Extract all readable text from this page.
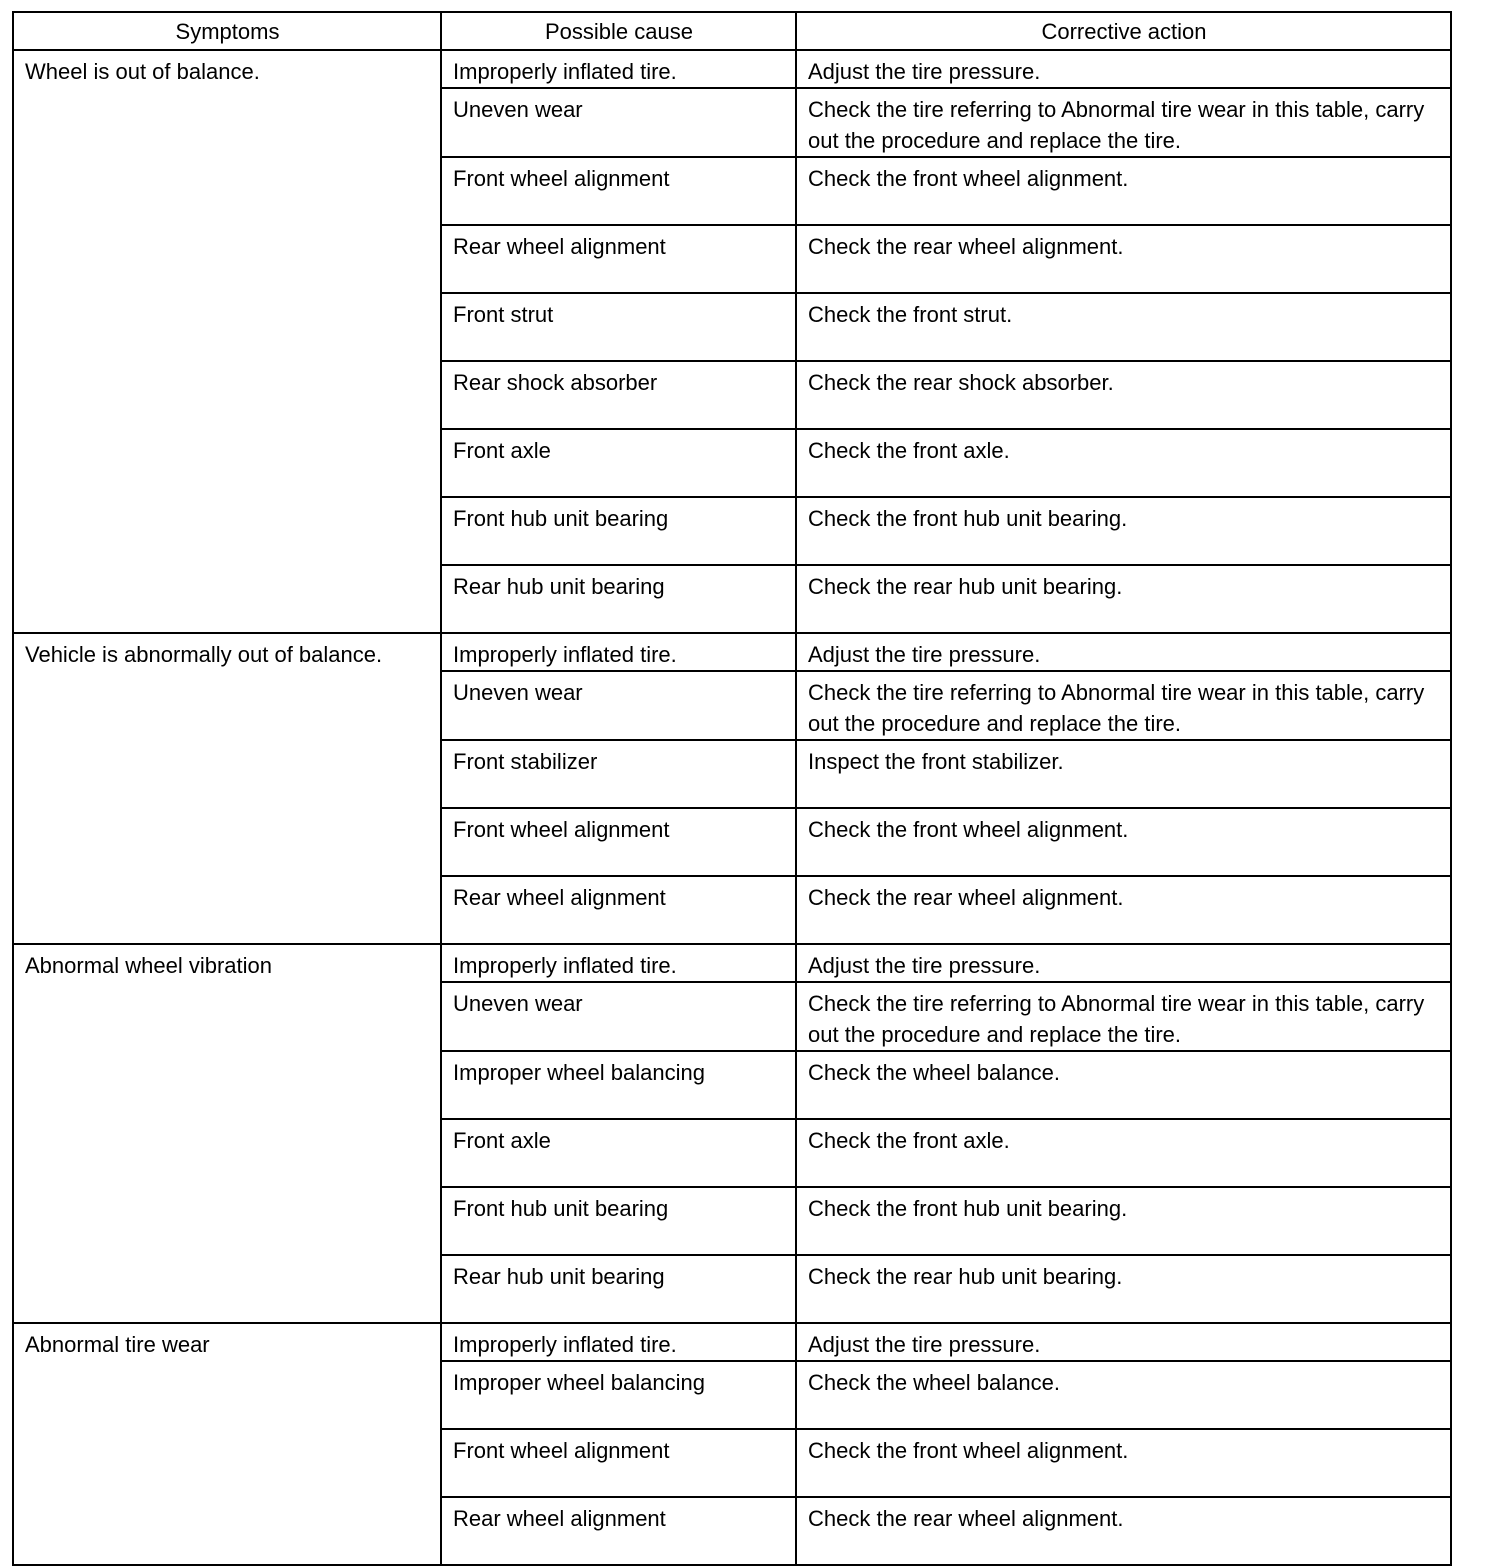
Symptoms	Possible cause	Corrective action
Wheel is out of balance.	Improperly inflated tire.	Adjust the tire pressure.
	Uneven wear	Check the tire referring to Abnormal tire wear in this table, carry out the procedure and replace the tire.
	Front wheel alignment	Check the front wheel alignment.
	Rear wheel alignment	Check the rear wheel alignment.
	Front strut	Check the front strut.
	Rear shock absorber	Check the rear shock absorber.
	Front axle	Check the front axle.
	Front hub unit bearing	Check the front hub unit bearing.
	Rear hub unit bearing	Check the rear hub unit bearing.
Vehicle is abnormally out of balance.	Improperly inflated tire.	Adjust the tire pressure.
	Uneven wear	Check the tire referring to Abnormal tire wear in this table, carry out the procedure and replace the tire.
	Front stabilizer	Inspect the front stabilizer.
	Front wheel alignment	Check the front wheel alignment.
	Rear wheel alignment	Check the rear wheel alignment.
Abnormal wheel vibration	Improperly inflated tire.	Adjust the tire pressure.
	Uneven wear	Check the tire referring to Abnormal tire wear in this table, carry out the procedure and replace the tire.
	Improper wheel balancing	Check the wheel balance.
	Front axle	Check the front axle.
	Front hub unit bearing	Check the front hub unit bearing.
	Rear hub unit bearing	Check the rear hub unit bearing.
Abnormal tire wear	Improperly inflated tire.	Adjust the tire pressure.
	Improper wheel balancing	Check the wheel balance.
	Front wheel alignment	Check the front wheel alignment.
	Rear wheel alignment	Check the rear wheel alignment.
